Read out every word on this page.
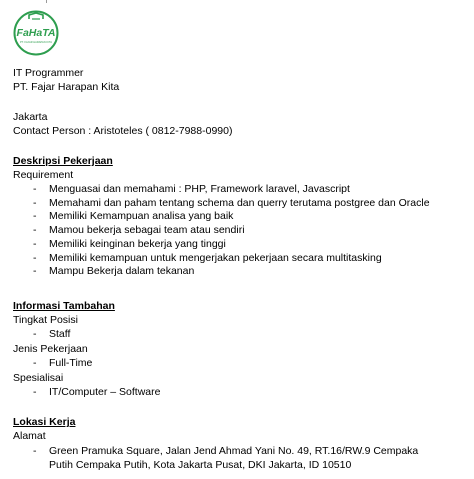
FaHaTA
PT. FAJAR HARAPAN KITA
IT Programmer
PT. Fajar Harapan Kita
Jakarta
Contact Person : Aristoteles ( 0812-7988-0990)
Deskripsi Pekerjaan
Requirement
- Menguasai dan memahami : PHP, Framework laravel, Javascript
- Memahami dan paham tentang schema dan querry terutama postgree dan Oracle
- Memiliki Kemampuan analisa yang baik
- Mamou bekerja sebagai team atau sendiri
- Memiliki keinginan bekerja yang tinggi
- Memiliki kemampuan untuk mengerjakan pekerjaan secara multitasking
- Mampu Bekerja dalam tekanan
Informasi Tambahan
Tingkat Posisi
- Staff
Jenis Pekerjaan
- Full-Time
Spesialisai
- IT/Computer – Software
Lokasi Kerja
Alamat
- Green Pramuka Square, Jalan Jend Ahmad Yani No. 49, RT.16/RW.9 Cempaka Putih Cempaka Putih, Kota Jakarta Pusat, DKI Jakarta, ID 10510
